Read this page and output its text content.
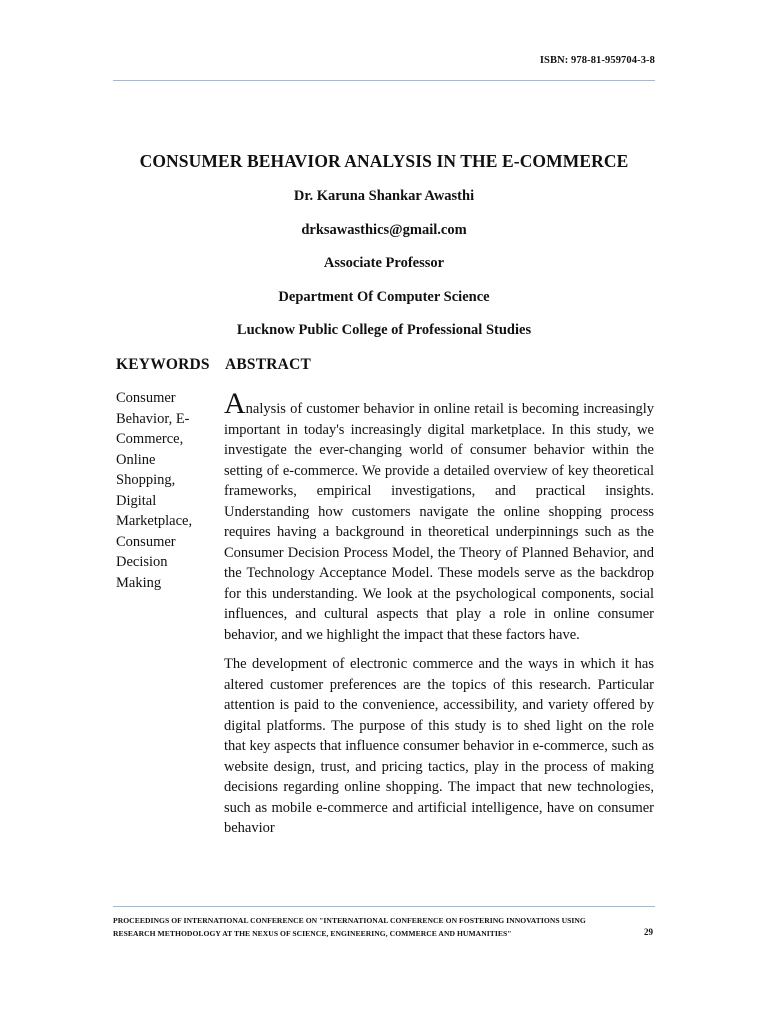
ISBN: 978-81-959704-3-8
CONSUMER BEHAVIOR ANALYSIS IN THE E-COMMERCE
Dr. Karuna Shankar Awasthi
drksawasthics@gmail.com
Associate Professor
Department Of Computer Science
Lucknow Public College of Professional Studies
KEYWORDS ABSTRACT
Consumer
Behavior, E-
Commerce,
Online
Shopping,
Digital
Marketplace,
Consumer
Decision
Making

Analysis of customer behavior in online retail is becoming increasingly important in today's increasingly digital marketplace. In this study, we investigate the ever-changing world of consumer behavior within the setting of e-commerce. We provide a detailed overview of key theoretical frameworks, empirical investigations, and practical insights. Understanding how customers navigate the online shopping process requires having a background in theoretical underpinnings such as the Consumer Decision Process Model, the Theory of Planned Behavior, and the Technology Acceptance Model. These models serve as the backdrop for this understanding. We look at the psychological components, social influences, and cultural aspects that play a role in online consumer behavior, and we highlight the impact that these factors have.

The development of electronic commerce and the ways in which it has altered customer preferences are the topics of this research. Particular attention is paid to the convenience, accessibility, and variety offered by digital platforms. The purpose of this study is to shed light on the role that key aspects that influence consumer behavior in e-commerce, such as website design, trust, and pricing tactics, play in the process of making decisions regarding online shopping. The impact that new technologies, such as mobile e-commerce and artificial intelligence, have on consumer behavior

PROCEEDINGS OF INTERNATIONAL CONFERENCE ON "INTERNATIONAL CONFERENCE ON FOSTERING INNOVATIONS USING
RESEARCH METHODOLOGY AT THE NEXUS OF SCIENCE, ENGINEERING, COMMERCE AND HUMANITIES"	29
